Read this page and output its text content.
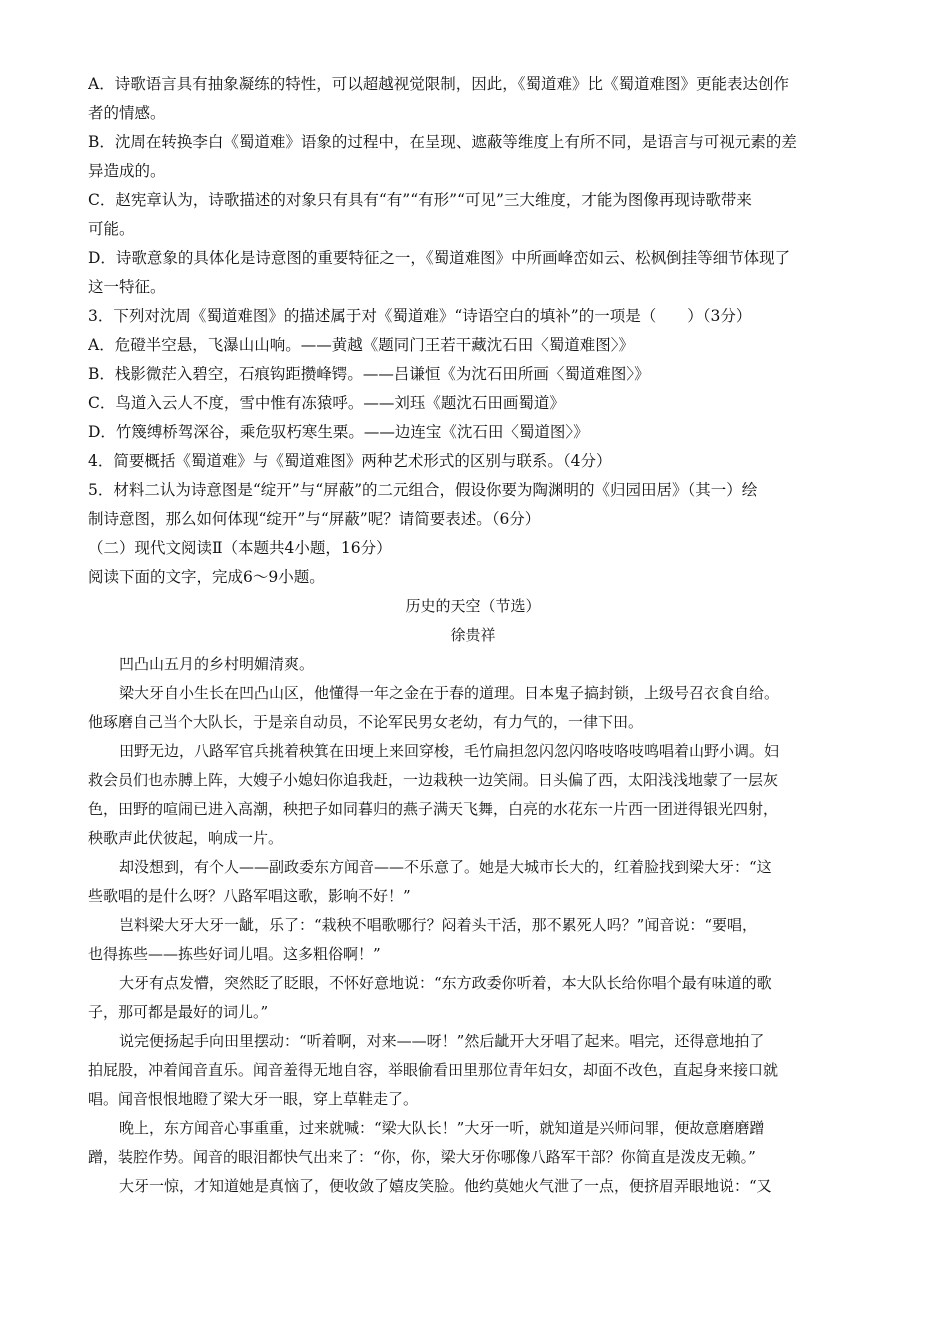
A．诗歌语言具有抽象凝练的特性，可以超越视觉限制，因此，《蜀道难》比《蜀道难图》更能表达创作
者的情感。
B．沈周在转换李白《蜀道难》语象的过程中，在呈现、遮蔽等维度上有所不同，是语言与可视元素的差
异造成的。
C．赵宪章认为，诗歌描述的对象只有具有“有”“有形”“可见”三大维度，才能为图像再现诗歌带来
可能。
D．诗歌意象的具体化是诗意图的重要特征之一，《蜀道难图》中所画峰峦如云、松枫倒挂等细节体现了
这一特征。
3．下列对沈周《蜀道难图》的描述属于对《蜀道难》“诗语空白的填补”的一项是（　　）（3分）
A．危磴半空悬，飞瀑山山响。——黄越《题同门王若干藏沈石田〈蜀道难图〉》
B．栈影微茫入碧空，石痕钩距攒峰锷。——吕谦恒《为沈石田所画〈蜀道难图〉》
C．鸟道入云人不度，雪中惟有冻猿呼。——刘珏《题沈石田画蜀道》
D．竹篾缚桥驾深谷，乘危驭朽寒生栗。——边连宝《沈石田〈蜀道图〉》
4．简要概括《蜀道难》与《蜀道难图》两种艺术形式的区别与联系。（4分）
5．材料二认为诗意图是“绽开”与“屏蔽”的二元组合，假设你要为陶渊明的《归园田居》（其一）绘
制诗意图，那么如何体现“绽开”与“屏蔽”呢？请简要表述。（6分）
（二）现代文阅读Ⅱ（本题共4小题，16分）
阅读下面的文字，完成6～9小题。
历史的天空（节选）
徐贵祥
凹凸山五月的乡村明媚清爽。
梁大牙自小生长在凹凸山区，他懂得一年之金在于春的道理。日本鬼子搞封锁，上级号召衣食自给。
他琢磨自己当个大队长，于是亲自动员，不论军民男女老幼，有力气的，一律下田。
田野无边，八路军官兵挑着秧箕在田埂上来回穿梭，毛竹扁担忽闪忽闪咯吱咯吱鸣唱着山野小调。妇
救会员们也赤膊上阵，大嫂子小媳妇你追我赶，一边栽秧一边笑闹。日头偏了西，太阳浅浅地蒙了一层灰
色，田野的喧闹已进入高潮，秧把子如同暮归的燕子满天飞舞，白亮的水花东一片西一团迸得银光四射，
秧歌声此伏彼起，响成一片。
却没想到，有个人——副政委东方闻音——不乐意了。她是大城市长大的，红着脸找到梁大牙：“这
些歌唱的是什么呀？八路军唱这歌，影响不好！”
岂料梁大牙大牙一龇，乐了：“栽秧不唱歌哪行？闷着头干活，那不累死人吗？”闻音说：“要唱，
也得拣些——拣些好词儿唱。这多粗俗啊！”
大牙有点发懵，突然眨了眨眼，不怀好意地说：“东方政委你听着，本大队长给你唱个最有味道的歌
子，那可都是最好的词儿。”
说完便扬起手向田里摆动：“听着啊，对来——呀！”然后龇开大牙唱了起来。唱完，还得意地拍了
拍屁股，冲着闻音直乐。闻音羞得无地自容，举眼偷看田里那位青年妇女，却面不改色，直起身来接口就
唱。闻音恨恨地瞪了梁大牙一眼，穿上草鞋走了。
晚上，东方闻音心事重重，过来就喊：“梁大队长！”大牙一听，就知道是兴师问罪，便故意磨磨蹭
蹭，装腔作势。闻音的眼泪都快气出来了：“你，你，梁大牙你哪像八路军干部？你简直是泼皮无赖。”
大牙一惊，才知道她是真恼了，便收敛了嬉皮笑脸。他约莫她火气泄了一点，便挤眉弄眼地说：“又
